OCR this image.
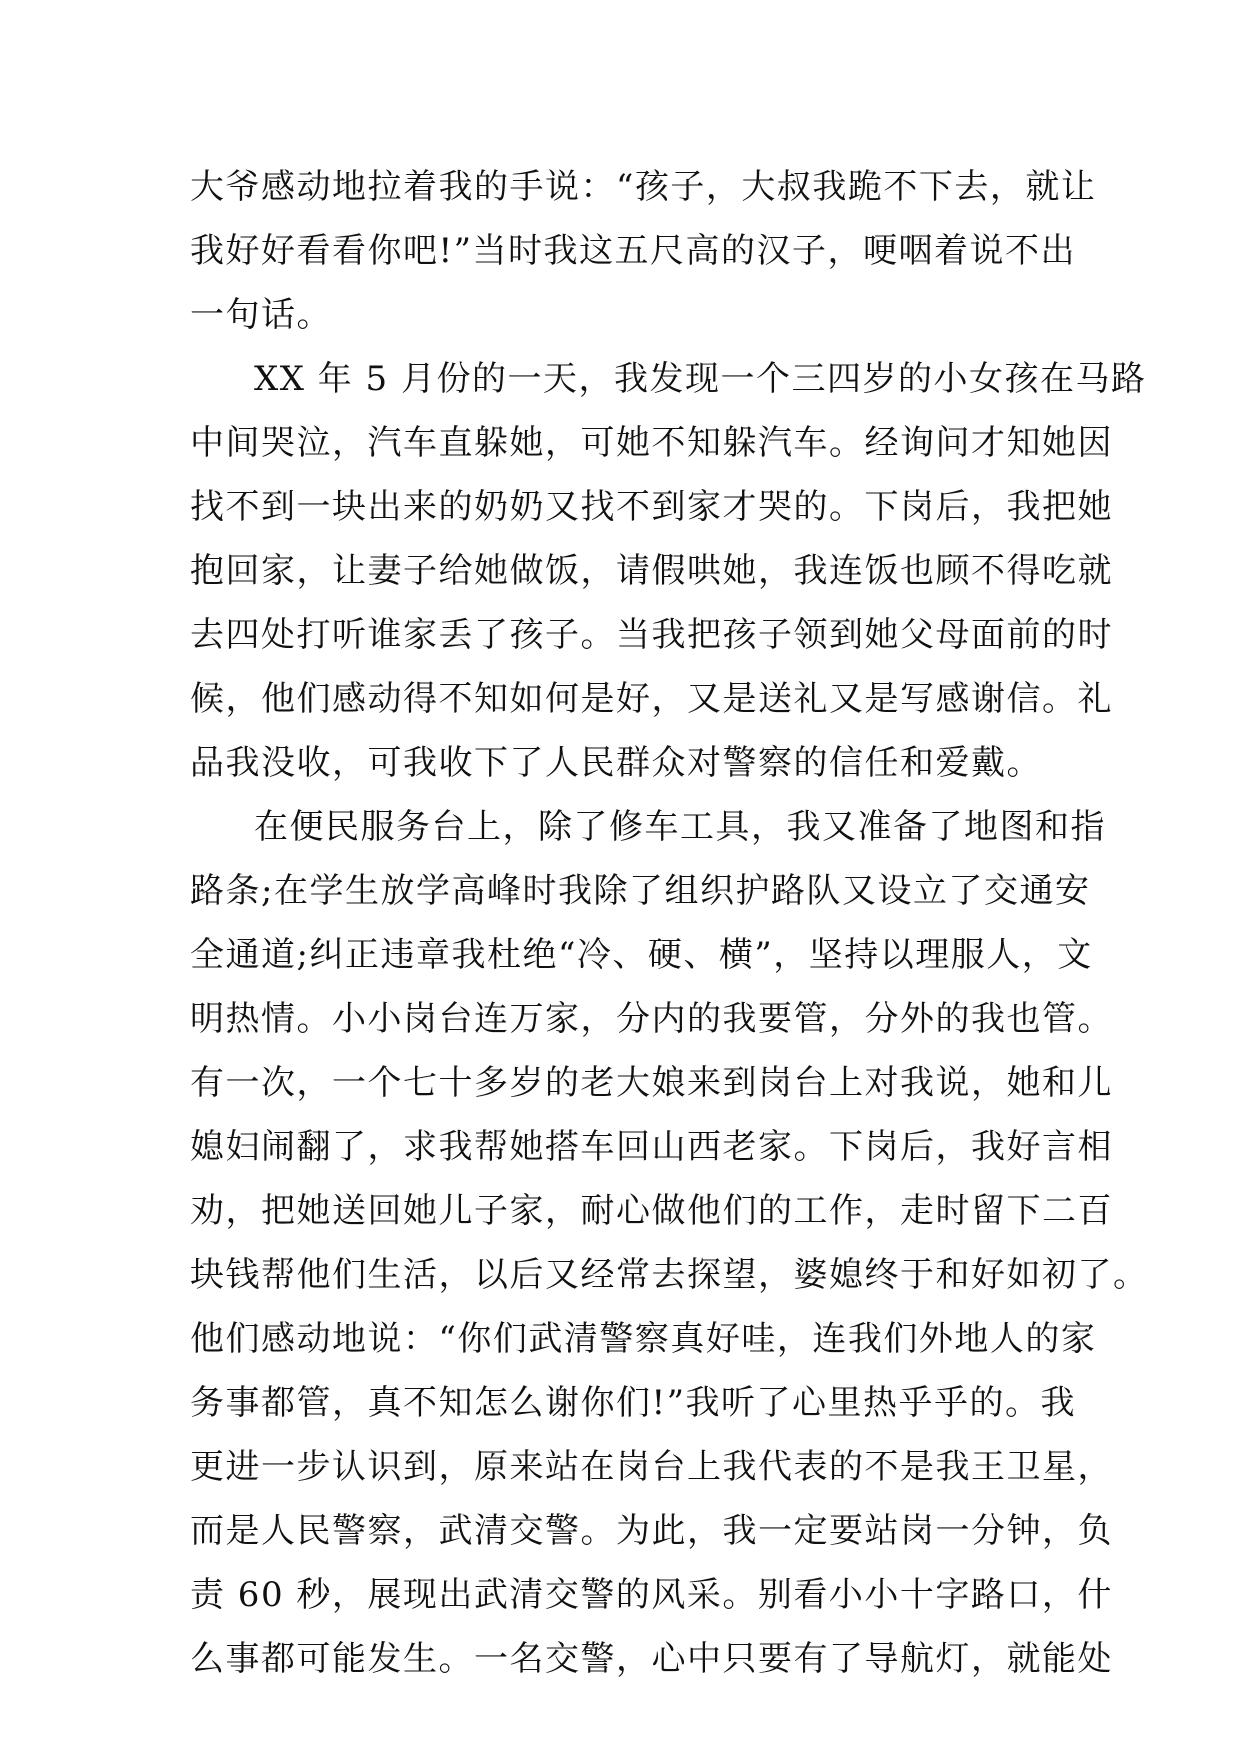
大爷感动地拉着我的手说：“孩子，大叔我跪不下去，就让
我好好看看你吧!”当时我这五尺高的汉子，哽咽着说不出
一句话。
XX 年 5 月份的一天，我发现一个三四岁的小女孩在马路
中间哭泣，汽车直躲她，可她不知躲汽车。经询问才知她因
找不到一块出来的奶奶又找不到家才哭的。下岗后，我把她
抱回家，让妻子给她做饭，请假哄她，我连饭也顾不得吃就
去四处打听谁家丢了孩子。当我把孩子领到她父母面前的时
候，他们感动得不知如何是好，又是送礼又是写感谢信。礼
品我没收，可我收下了人民群众对警察的信任和爱戴。
在便民服务台上，除了修车工具，我又准备了地图和指
路条;在学生放学高峰时我除了组织护路队又设立了交通安
全通道;纠正违章我杜绝“冷、硬、横”，坚持以理服人，文
明热情。小小岗台连万家，分内的我要管，分外的我也管。
有一次，一个七十多岁的老大娘来到岗台上对我说，她和儿
媳妇闹翻了，求我帮她搭车回山西老家。下岗后，我好言相
劝，把她送回她儿子家，耐心做他们的工作，走时留下二百
块钱帮他们生活，以后又经常去探望，婆媳终于和好如初了。
他们感动地说：“你们武清警察真好哇，连我们外地人的家
务事都管，真不知怎么谢你们!”我听了心里热乎乎的。我
更进一步认识到，原来站在岗台上我代表的不是我王卫星，
而是人民警察，武清交警。为此，我一定要站岗一分钟，负
责 60 秒，展现出武清交警的风采。别看小小十字路口，什
么事都可能发生。一名交警，心中只要有了导航灯，就能处
